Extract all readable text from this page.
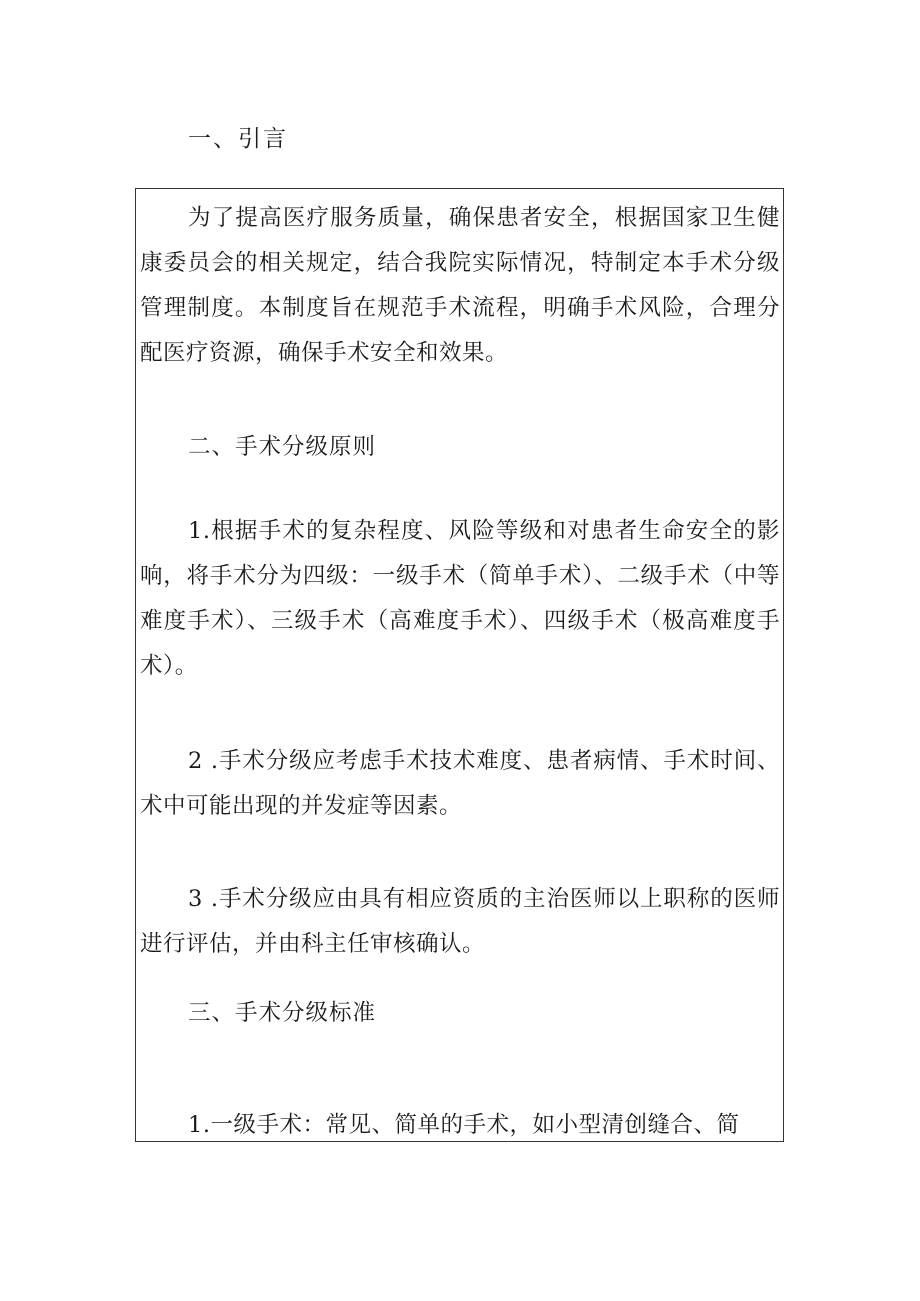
一、引言

为了提高医疗服务质量，确保患者安全，根据国家卫生健康委员会的相关规定，结合我院实际情况，特制定本手术分级管理制度。本制度旨在规范手术流程，明确手术风险，合理分配医疗资源，确保手术安全和效果。

二、手术分级原则

1.根据手术的复杂程度、风险等级和对患者生命安全的影响，将手术分为四级：一级手术（简单手术）、二级手术（中等难度手术）、三级手术（高难度手术）、四级手术（极高难度手术）。

2 .手术分级应考虑手术技术难度、患者病情、手术时间、术中可能出现的并发症等因素。

3 .手术分级应由具有相应资质的主治医师以上职称的医师进行评估，并由科主任审核确认。

三、手术分级标准

1.一级手术：常见、简单的手术，如小型清创缝合、简
